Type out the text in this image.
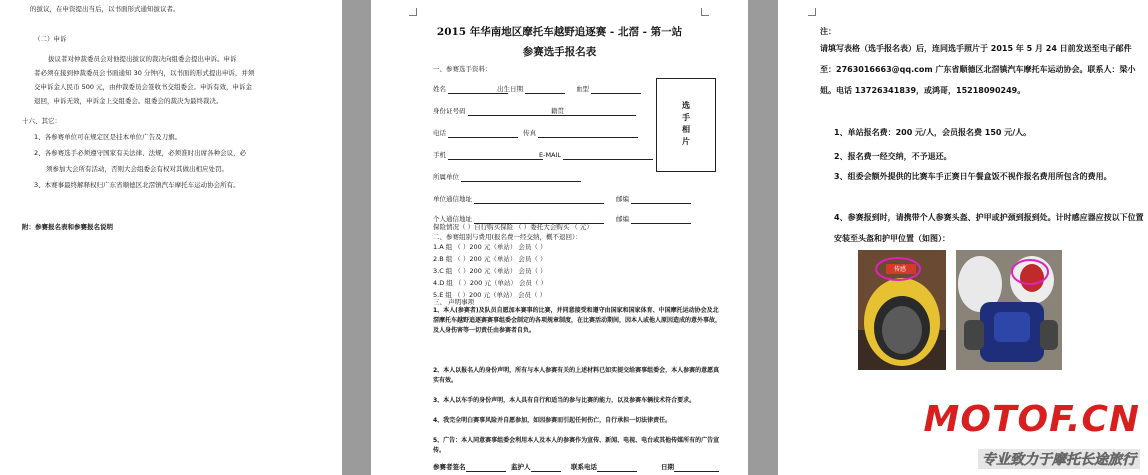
的拔议，在申资提出当后，以书面形式通知拔议者。
（二）申诉
拔议者对仲裁委员会对他提出拔议的裁决向组委会提出申诉。申诉
者必须在接到仲裁委员会书面通知 30 分钟内，以书面的形式提出申诉，并须
交申诉金人民币 500 元，由仲裁委员会签收书交组委会。申诉有效，申诉金
退回，申诉无效，申诉金上交组委会。组委会的裁决为最终裁决。
十六、其它：
1、各参赛单位可在规定区是挂本单位广告及刀旗。
2、各参赛选手必须遵守国家有关法律、法规，必须准时出席各种会议，必
须参加大会所有活动，否则大会组委会有权对其做出相应处罚。
3、本赛事最终解释权归广东省顺德区北滘镇汽车摩托车运动协会所有。
附：参赛报名表和参赛报名说明
2015 年华南地区摩托车越野追逐赛 - 北滘 - 第一站
参赛选手报名表
选手相片
一、参赛选手资料：
姓名	出生日期	血型
身份证号码	籍贯
电话	传真
手机	E-MAIL
所属单位
单位通信地址	邮编
个人通信地址	邮编
保险情况（ ）自行购买保险 （ ）委托大会购买 （ 元）
二、参赛组别与费用(报名费一经交纳，概不退回）：
1.A 组 （ ）200 元（单站） 会员（ ）
2.B 组 （ ）200 元（单站） 会员（ ）
3.C 组 （ ）200 元（单站） 会员（ ）
4.D 组 （ ）200 元（单站） 会员（ ）
5.E 组 （ ）200 元（单站） 会员（ ）
三、 声明事项
1、本人(参赛者)及队员自愿加本赛事的比赛，并同意接受和遵守由国家和国家体育、中国摩托运动协会及北滘摩托车越野追逐赛赛事组委会制定的各项规章制度，在比赛活动期间，因本人或他人原因造成的意外事故，及人身伤害等一切责任由参赛者自负。
2、本人以报名人的身份声明，所有与本人参赛有关的上述材料已如实提交给赛事组委会，本人参赛的意愿真实有效。
3、本人以车手的身份声明，本人具有自行和适当的参与比赛的能力，以及参赛车辆技术符合要求。
4、我完全明白赛事风险并自愿参加，如因参赛而引起任何伤亡，自行承担一切法律责任。
5、广告：本人同意赛事组委会利用本人及本人的参赛作为宣传、新闻、电视、电台或其他传媒所有的广告宣传。
参赛者签名	监护人	联系电话	日期
注：
请填写表格（选手报名表）后，连同选手照片于 2015 年 5 月 24 日前发送至电子邮件至：2763016663@qq.com 广东省顺德区北滘镇汽车摩托车运动协会。联系人：梁小姐。电话 13726341839，或鸿哥，15218090249。
1、单站报名费：200 元/人，会员报名费 150 元/人。
2、报名费一经交纳，不予退还。
3、组委会额外提供的比赛车手正赛日午餐盒饭不视作报名费用所包含的费用。
4、参赛报到时，请携带个人参赛头盔、护甲或护颈到报到处。计时感应器应按以下位置安装至头盔和护甲位置（如图）：
传感
MOTOF.CN
专业致力于摩托长途旅行
